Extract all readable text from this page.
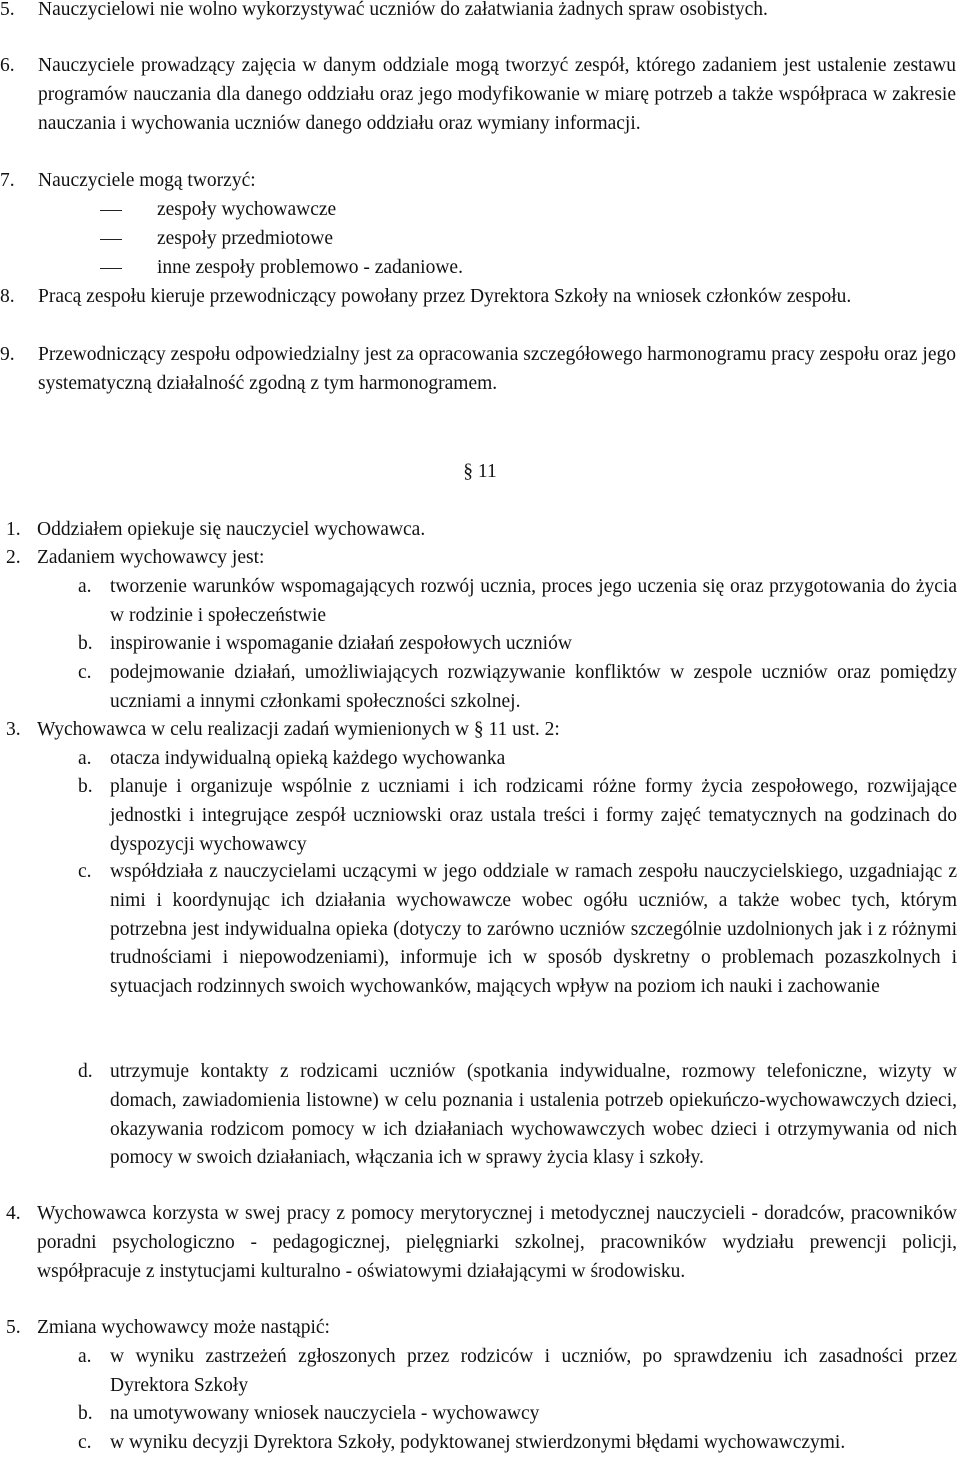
5. Nauczycielowi nie wolno wykorzystywać uczniów do załatwiania żadnych spraw osobistych.

6. Nauczyciele prowadzący zajęcia w danym oddziale mogą tworzyć zespół, którego zadaniem jest ustalenie zestawu programów nauczania dla danego oddziału oraz jego modyfikowanie w miarę potrzeb a także współpraca w zakresie nauczania i wychowania uczniów danego oddziału oraz wymiany informacji.

7. Nauczyciele mogą tworzyć:

zespoły wychowawcze

zespoły przedmiotowe

inne zespoły problemowo - zadaniowe.

8. Pracą zespołu kieruje przewodniczący powołany przez Dyrektora Szkoły na wniosek członków zespołu.

9. Przewodniczący zespołu odpowiedzialny jest za opracowania szczegółowego harmonogramu pracy zespołu oraz jego systematyczną działalność zgodną z tym harmonogramem.

§ 11
1. Oddziałem opiekuje się nauczyciel wychowawca.

2. Zadaniem wychowawcy jest:

a. tworzenie warunków wspomagających rozwój ucznia, proces jego uczenia się oraz przygotowania do życia w rodzinie i społeczeństwie

b. inspirowanie i wspomaganie działań zespołowych uczniów

c. podejmowanie działań, umożliwiających rozwiązywanie konfliktów w zespole uczniów oraz pomiędzy uczniami a innymi członkami społeczności szkolnej.

3. Wychowawca w celu realizacji zadań wymienionych w § 11 ust. 2:

a. otacza indywidualną opieką każdego wychowanka

b. planuje i organizuje wspólnie z uczniami i ich rodzicami różne formy życia zespołowego, rozwijające jednostki i integrujące zespół uczniowski oraz ustala treści i formy zajęć tematycznych na godzinach do dyspozycji wychowawcy

c. współdziała z nauczycielami uczącymi w jego oddziale w ramach zespołu nauczycielskiego, uzgadniając z nimi i koordynując ich działania wychowawcze wobec ogółu uczniów, a także wobec tych, którym potrzebna jest indywidualna opieka (dotyczy to zarówno uczniów szczególnie uzdolnionych jak i z różnymi trudnościami i niepowodzeniami), informuje ich w sposób dyskretny o problemach pozaszkolnych i sytuacjach rodzinnych swoich wychowanków, mających wpływ na poziom ich nauki i zachowanie

d. utrzymuje kontakty z rodzicami uczniów (spotkania indywidualne, rozmowy telefoniczne, wizyty w domach, zawiadomienia listowne) w celu poznania i ustalenia potrzeb opiekuńczo-wychowawczych dzieci, okazywania rodzicom pomocy w ich działaniach wychowawczych wobec dzieci i otrzymywania od nich pomocy w swoich działaniach, włączania ich w sprawy życia klasy i szkoły.

4. Wychowawca korzysta w swej pracy z pomocy merytorycznej i metodycznej nauczycieli - doradców, pracowników poradni psychologiczno - pedagogicznej, pielęgniarki szkolnej, pracowników wydziału prewencji policji, współpracuje z instytucjami kulturalno - oświatowymi działającymi w środowisku.

5. Zmiana wychowawcy może nastąpić:

a. w wyniku zastrzeżeń zgłoszonych przez rodziców i uczniów, po sprawdzeniu ich zasadności przez Dyrektora Szkoły

b. na umotywowany wniosek nauczyciela - wychowawcy

c. w wyniku decyzji Dyrektora Szkoły, podyktowanej stwierdzonymi błędami wychowawczymi.
